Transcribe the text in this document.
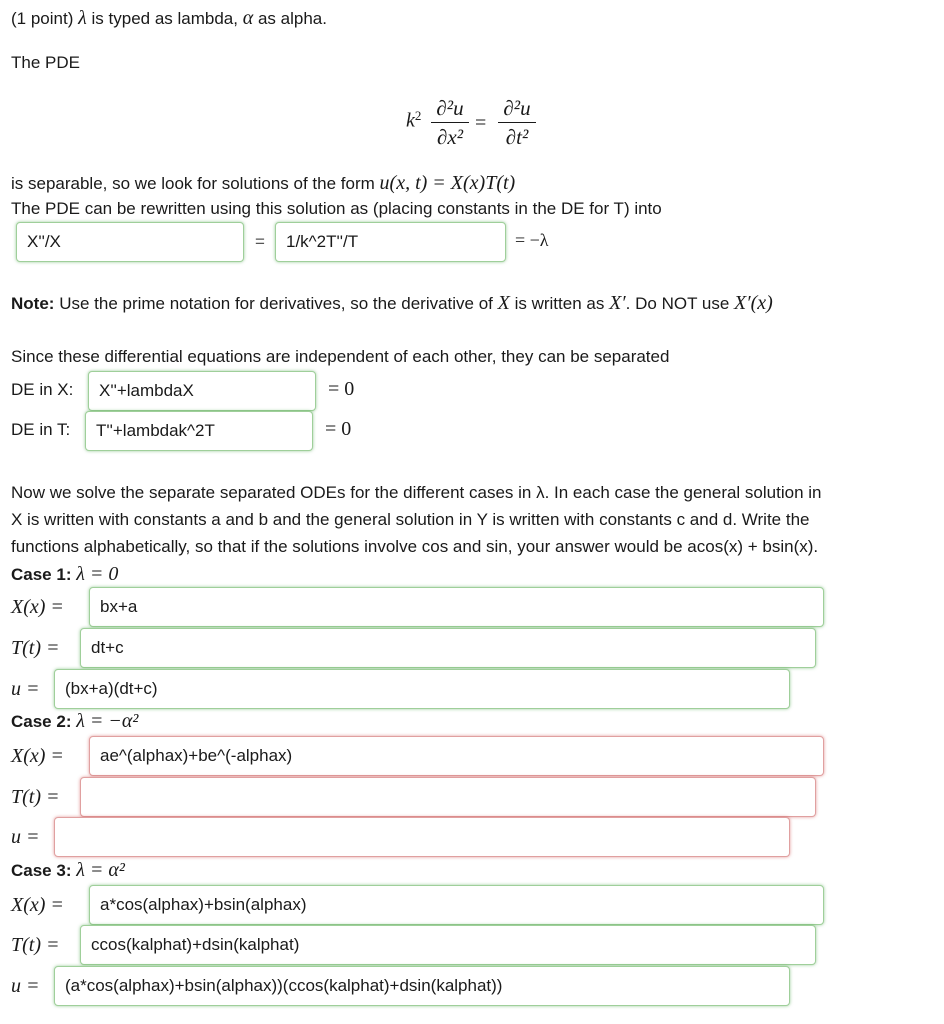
(1 point) λ is typed as lambda, α as alpha.
The PDE
$k^2$ ∂²u
∂x²
=
∂²u
∂t²
is separable, so we look for solutions of the form u(x, t) = X(x)T(t)
The PDE can be rewritten using this solution as (placing constants in the DE for T) into
X''/X	=	1/k^2T''/T	= −λ
Note: Use the prime notation for derivatives, so the derivative of X is written as X′. Do NOT use X′(x)
Since these differential equations are independent of each other, they can be separated
DE in X:	X''+lambdaX	= 0
DE in T:	T''+lambdak^2T	= 0
Now we solve the separate separated ODEs for the different cases in λ. In each case the general solution in
X is written with constants a and b and the general solution in Y is written with constants c and d. Write the
functions alphabetically, so that if the solutions involve cos and sin, your answer would be acos(x) + bsin(x).
Case 1: λ = 0
X(x) =	bx+a
T(t) =	dt+c
u =	(bx+a)(dt+c)
Case 2: λ = −α²
X(x) =	ae^(alphax)+be^(-alphax)
T(t) =
u =
Case 3: λ = α²
X(x) =	a*cos(alphax)+bsin(alphax)
T(t) =	ccos(kalphat)+dsin(kalphat)
u =	(a*cos(alphax)+bsin(alphax))(ccos(kalphat)+dsin(kalphat))
